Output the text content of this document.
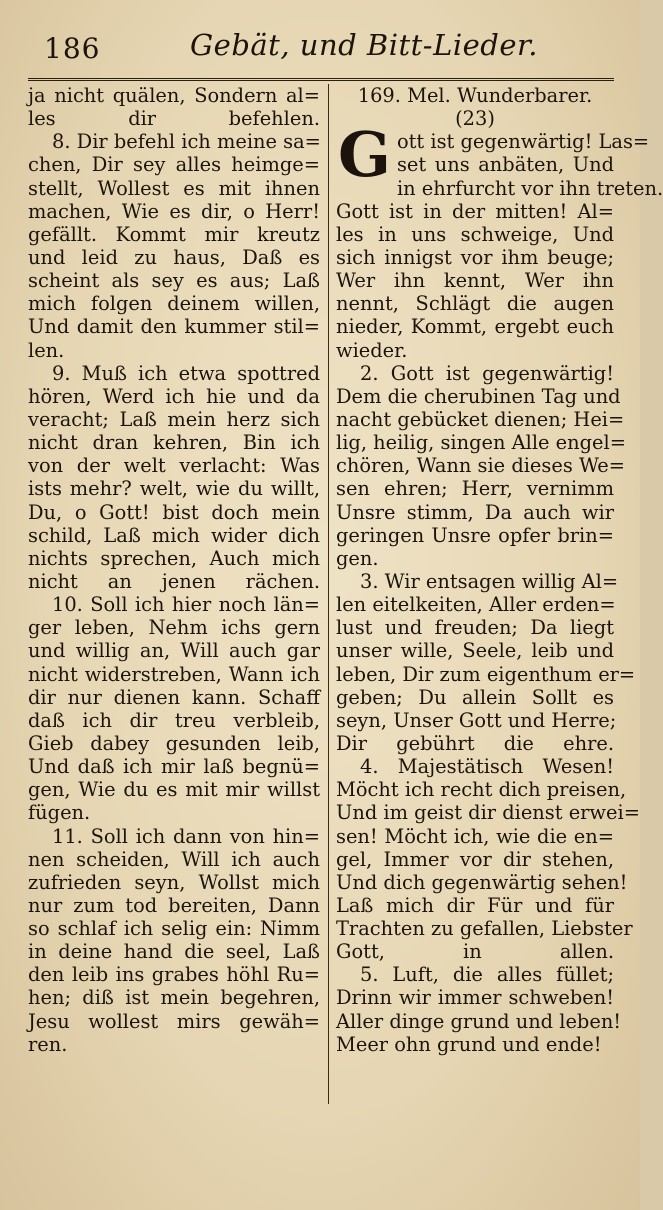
186	Gebät, und Bitt-Lieder.
ja nicht quälen, Sondern al=
les dir befehlen.
8. Dir befehl ich meine sa=
chen, Dir sey alles heimge=
stellt, Wollest es mit ihnen
machen, Wie es dir, o Herr!
gefällt. Kommt mir kreutz
und leid zu haus, Daß es
scheint als sey es aus; Laß
mich folgen deinem willen,
Und damit den kummer stil=
len.
9. Muß ich etwa spottred
hören, Werd ich hie und da
veracht; Laß mein herz sich
nicht dran kehren, Bin ich
von der welt verlacht: Was
ists mehr? welt, wie du willt,
Du, o Gott! bist doch mein
schild, Laß mich wider dich
nichts sprechen, Auch mich
nicht an jenen rächen.
10. Soll ich hier noch län=
ger leben, Nehm ichs gern
und willig an, Will auch gar
nicht widerstreben, Wann ich
dir nur dienen kann. Schaff
daß ich dir treu verbleib,
Gieb dabey gesunden leib,
Und daß ich mir laß begnü=
gen, Wie du es mit mir willst
fügen.
11. Soll ich dann von hin=
nen scheiden, Will ich auch
zufrieden seyn, Wollst mich
nur zum tod bereiten, Dann
so schlaf ich selig ein: Nimm
in deine hand die seel, Laß
den leib ins grabes höhl Ru=
hen; diß ist mein begehren,
Jesu wollest mirs gewäh=
ren.
169. Mel. Wunderbarer.
(23)
G ott ist gegenwärtig! Las=
set uns anbäten, Und
in ehrfurcht vor ihn treten.
Gott ist in der mitten! Al=
les in uns schweige, Und
sich innigst vor ihm beuge;
Wer ihn kennt, Wer ihn
nennt, Schlägt die augen
nieder, Kommt, ergebt euch
wieder.
2. Gott ist gegenwärtig!
Dem die cherubinen Tag und
nacht gebücket dienen; Hei=
lig, heilig, singen Alle engel=
chören, Wann sie dieses We=
sen ehren; Herr, vernimm
Unsre stimm, Da auch wir
geringen Unsre opfer brin=
gen.
3. Wir entsagen willig Al=
len eitelkeiten, Aller erden=
lust und freuden; Da liegt
unser wille, Seele, leib und
leben, Dir zum eigenthum er=
geben; Du allein Sollt es
seyn, Unser Gott und Herre;
Dir gebührt die ehre.
4. Majestätisch Wesen!
Möcht ich recht dich preisen,
Und im geist dir dienst erwei=
sen! Möcht ich, wie die en=
gel, Immer vor dir stehen,
Und dich gegenwärtig sehen!
Laß mich dir Für und für
Trachten zu gefallen, Liebster
Gott, in allen.
5. Luft, die alles füllet;
Drinn wir immer schweben!
Aller dinge grund und leben!
Meer ohn grund und ende!
